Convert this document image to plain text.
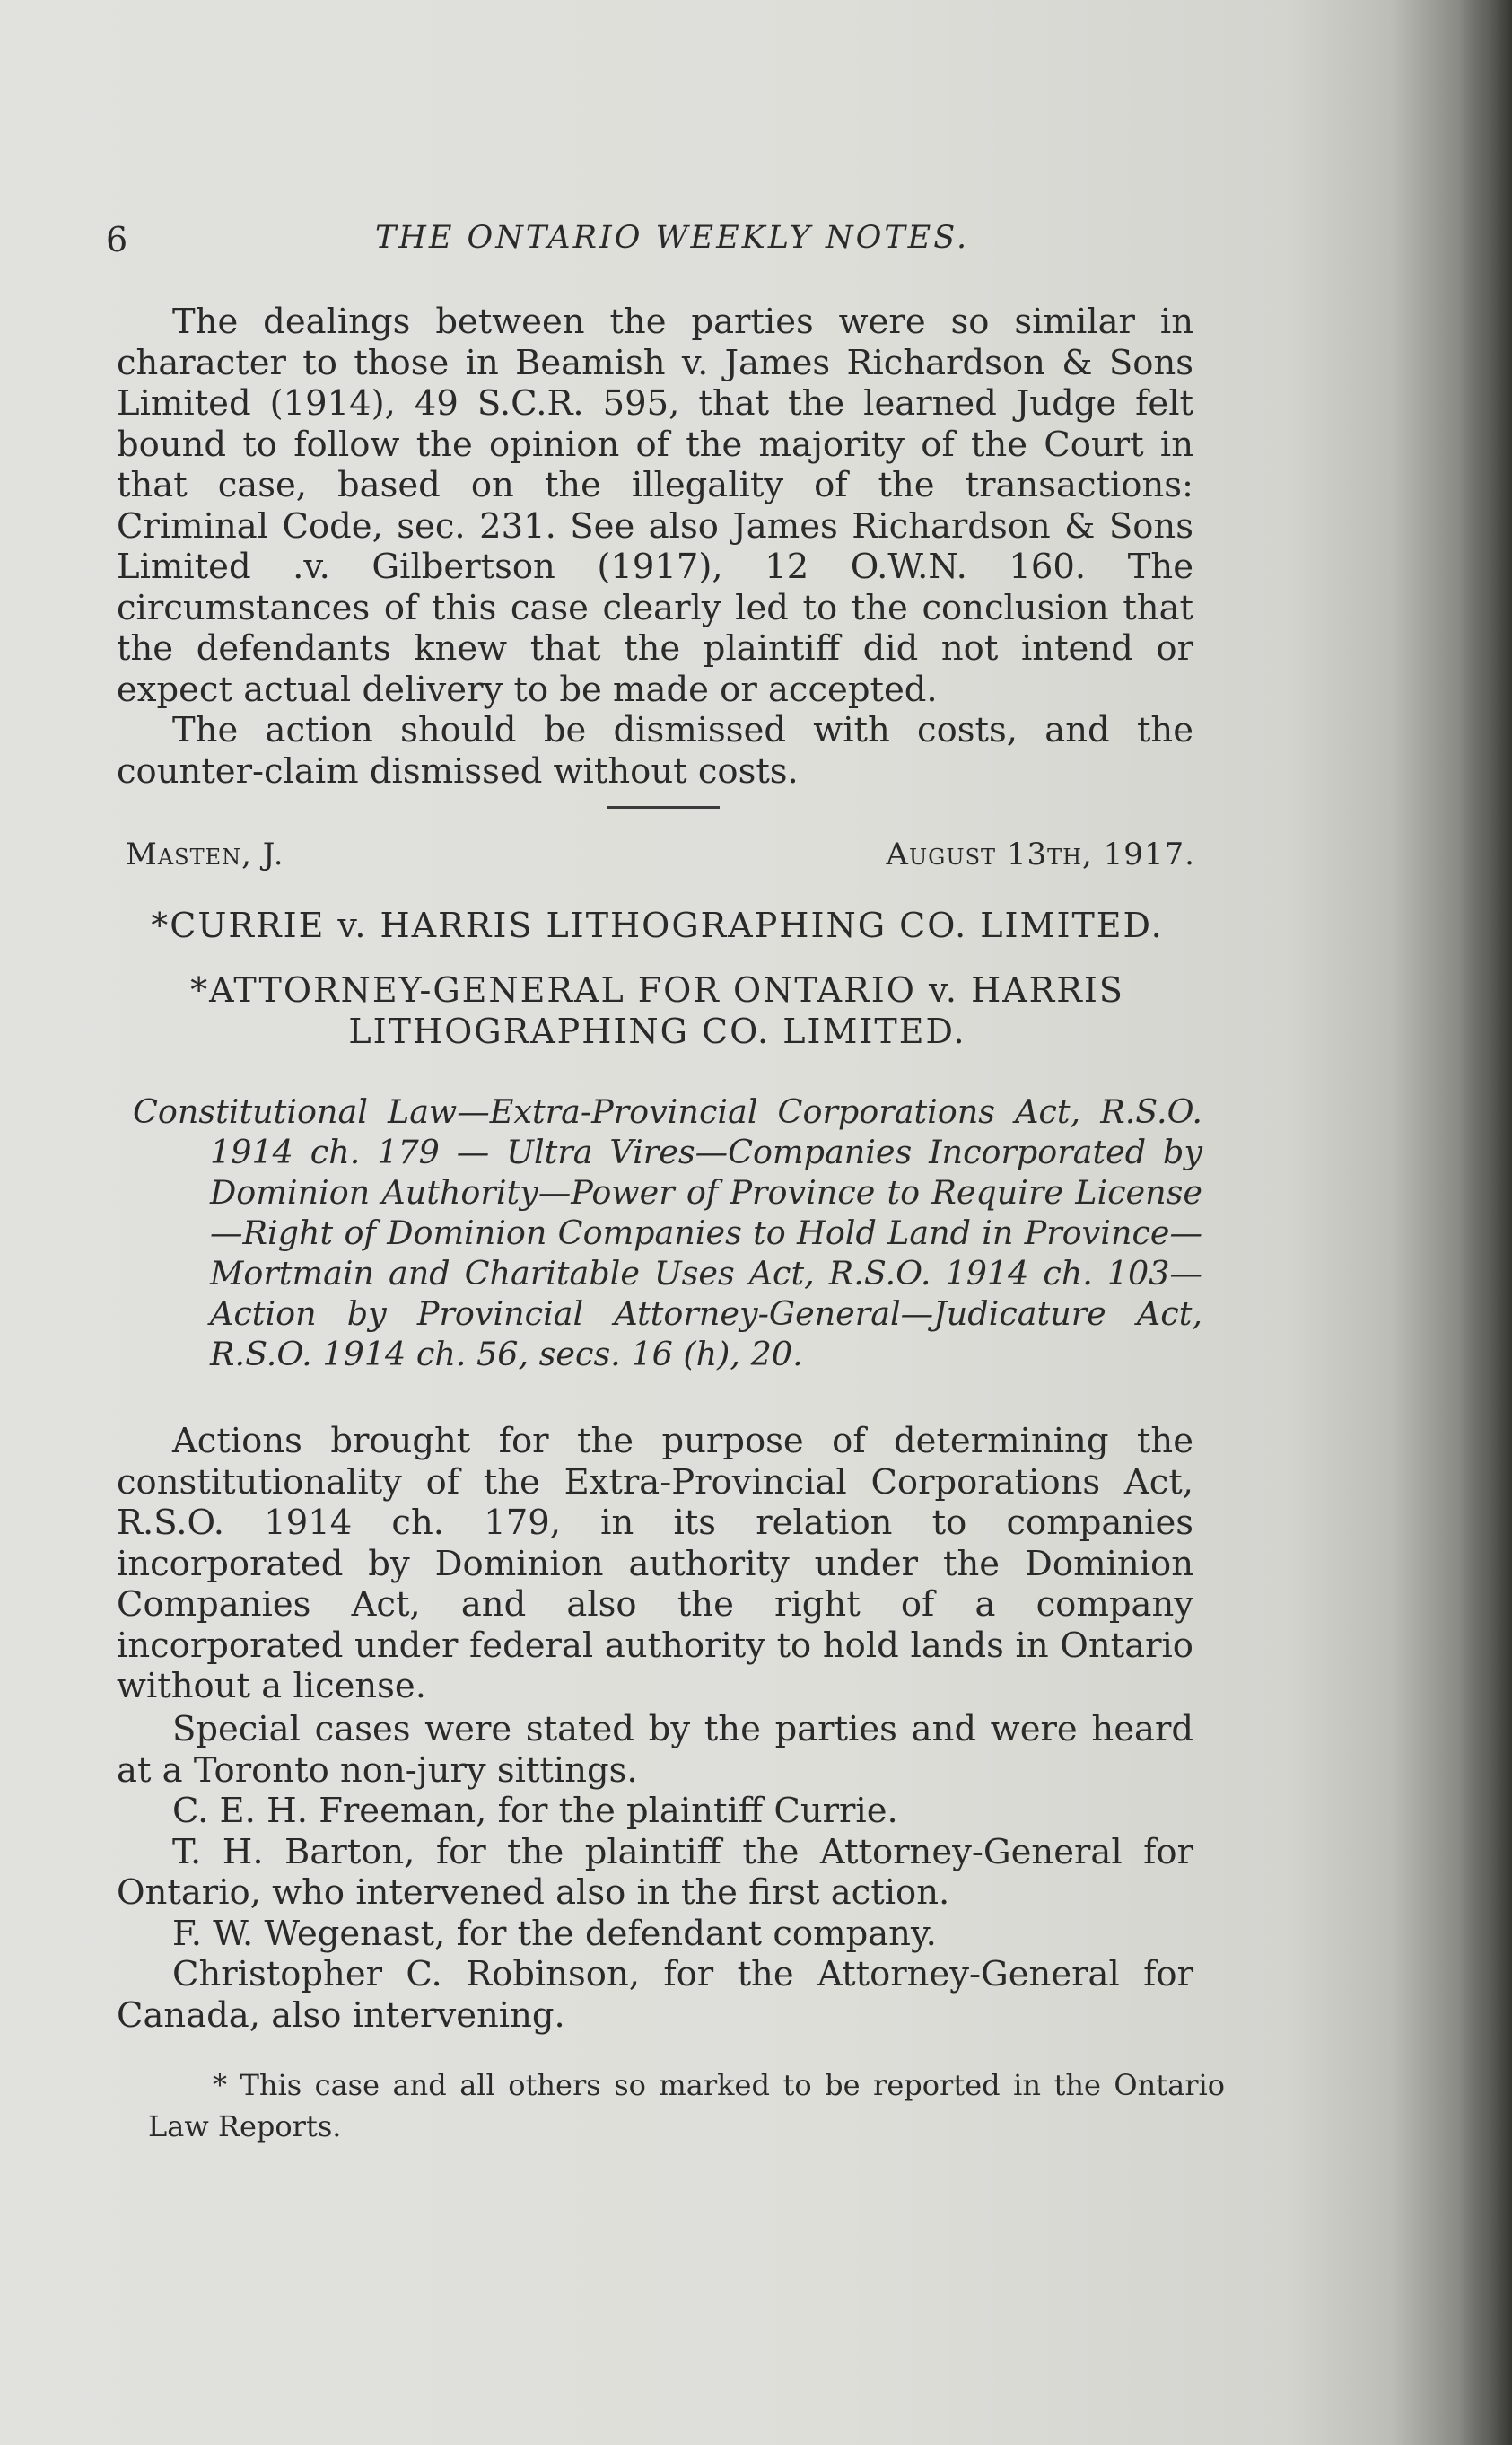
6	THE ONTARIO WEEKLY NOTES.

The dealings between the parties were so similar in character to those in Beamish v. James Richardson & Sons Limited (1914), 49 S.C.R. 595, that the learned Judge felt bound to follow the opinion of the majority of the Court in that case, based on the illegality of the transactions: Criminal Code, sec. 231. See also James Richardson & Sons Limited .v. Gilbertson (1917), 12 O.W.N. 160. The circumstances of this case clearly led to the conclusion that the defendants knew that the plaintiff did not intend or expect actual delivery to be made or accepted.

The action should be dismissed with costs, and the counter-claim dismissed without costs.

Masten, J.	August 13th, 1917.
*CURRIE v. HARRIS LITHOGRAPHING CO. LIMITED.
*ATTORNEY-GENERAL FOR ONTARIO v. HARRIS LITHOGRAPHING CO. LIMITED.
Constitutional Law—Extra-Provincial Corporations Act, R.S.O. 1914 ch. 179 — Ultra Vires—Companies Incorporated by Dominion Authority—Power of Province to Require License —Right of Dominion Companies to Hold Land in Province— Mortmain and Charitable Uses Act, R.S.O. 1914 ch. 103— Action by Provincial Attorney-General—Judicature Act, R.S.O. 1914 ch. 56, secs. 16 (h), 20.

Actions brought for the purpose of determining the constitutionality of the Extra-Provincial Corporations Act, R.S.O. 1914 ch. 179, in its relation to companies incorporated by Dominion authority under the Dominion Companies Act, and also the right of a company incorporated under federal authority to hold lands in Ontario without a license.

Special cases were stated by the parties and were heard at a Toronto non-jury sittings.

C. E. H. Freeman, for the plaintiff Currie.

T. H. Barton, for the plaintiff the Attorney-General for Ontario, who intervened also in the first action.

F. W. Wegenast, for the defendant company.

Christopher C. Robinson, for the Attorney-General for Canada, also intervening.

* This case and all others so marked to be reported in the Ontario Law Reports.
